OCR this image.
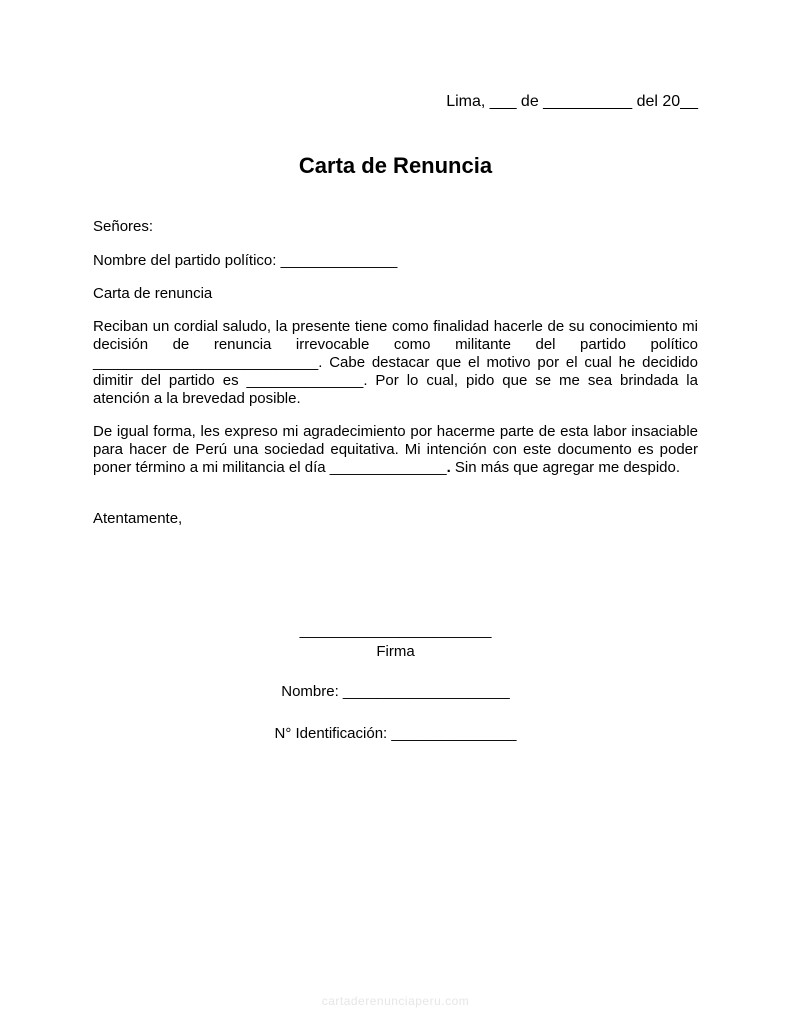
Lima, ___ de __________ del 20__
Carta de Renuncia
Señores:
Nombre del partido político: ______________
Carta de renuncia
Reciban un cordial saludo, la presente tiene como finalidad hacerle de su conocimiento mi decisión de renuncia irrevocable como militante del partido político ___________________________. Cabe destacar que el motivo por el cual he decidido dimitir del partido es ______________. Por lo cual, pido que se me sea brindada la atención a la brevedad posible.
De igual forma, les expreso mi agradecimiento por hacerme parte de esta labor insaciable para hacer de Perú una sociedad equitativa. Mi intención con este documento es poder poner término a mi militancia el día ______________. Sin más que agregar me despido.
Atentamente,
_______________________
Firma
Nombre: ____________________
N° Identificación: _______________
cartaderenunciaperu.com
